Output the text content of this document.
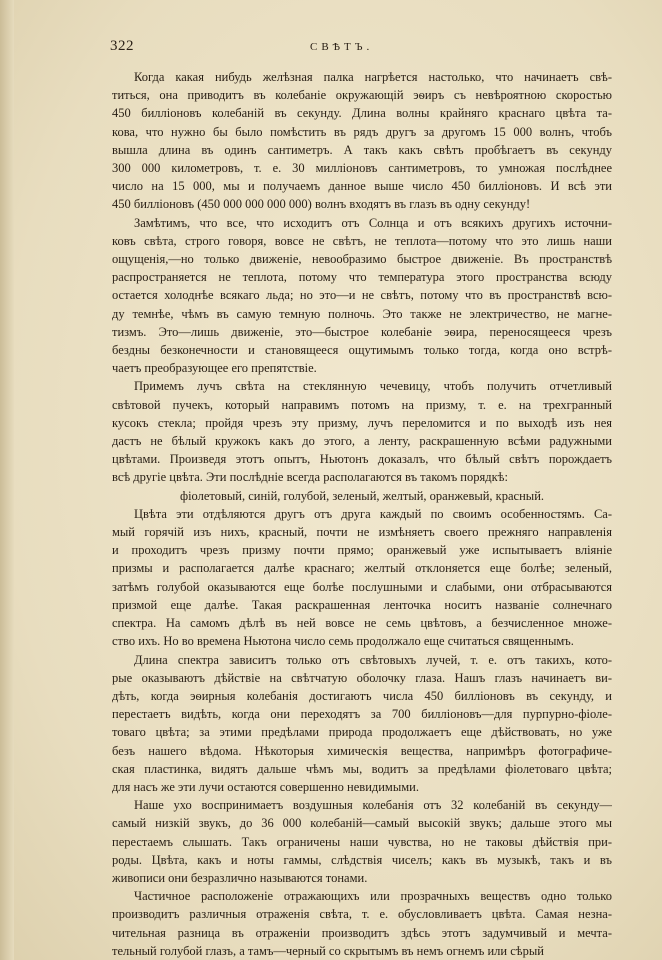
322	СВѢТЪ.
Когда какая нибудь желѣзная палка нагрѣется настолько, что начинаетъ свѣ-
титься, она приводитъ въ колебаніе окружающій эѳиръ съ невѣроятною скоростью
450 билліоновъ колебаній въ секунду. Длина волны крайняго краснаго цвѣта та-
кова, что нужно бы было помѣстить въ рядъ другъ за другомъ 15 000 волнъ, чтобъ
вышла длина въ одинъ сантиметръ. А такъ какъ свѣтъ пробѣгаетъ въ секунду
300 000 километровъ, т. е. 30 милліоновъ сантиметровъ, то умножая послѣднее
число на 15 000, мы и получаемъ данное выше число 450 билліоновъ. И всѣ эти
450 билліоновъ (450 000 000 000 000) волнъ входятъ въ глазъ въ одну секунду!
Замѣтимъ, что все, что исходитъ отъ Солнца и отъ всякихъ другихъ источни-
ковъ свѣта, строго говоря, вовсе не свѣтъ, не теплота—потому что это лишь наши
ощущенія,—но только движеніе, невообразимо быстрое движеніе. Въ пространствѣ
распространяется не теплота, потому что температура этого пространства всюду
остается холоднѣе всякаго льда; но это—и не свѣтъ, потому что въ пространствѣ всю-
ду темнѣе, чѣмъ въ самую темную полночь. Это также не электричество, не магне-
тизмъ. Это—лишь движеніе, это—быстрое колебаніе эѳира, переносящееся чрезъ
бездны безконечности и становящееся ощутимымъ только тогда, когда оно встрѣ-
чаетъ преобразующее его препятствіе.
Примемъ лучъ свѣта на стеклянную чечевицу, чтобъ получить отчетливый
свѣтовой пучекъ, который направимъ потомъ на призму, т. е. на трехгранный
кусокъ стекла; пройдя чрезъ эту призму, лучъ переломится и по выходѣ изъ нея
дастъ не бѣлый кружокъ какъ до этого, а ленту, раскрашенную всѣми радужными
цвѣтами. Произведя этотъ опытъ, Ньютонъ доказалъ, что бѣлый свѣтъ порождаетъ
всѣ другіе цвѣта. Эти послѣдніе всегда располагаются въ такомъ порядкѣ:
фіолетовый, синій, голубой, зеленый, желтый, оранжевый, красный.
Цвѣта эти отдѣляются другъ отъ друга каждый по своимъ особенностямъ. Са-
мый горячій изъ нихъ, красный, почти не измѣняетъ своего прежняго направленія
и проходитъ чрезъ призму почти прямо; оранжевый уже испытываетъ вліяніе
призмы и располагается далѣе краснаго; желтый отклоняется еще болѣе; зеленый,
затѣмъ голубой оказываются еще болѣе послушными и слабыми, они отбрасываются
призмой еще далѣе. Такая раскрашенная ленточка носитъ названіе солнечнаго
спектра. На самомъ дѣлѣ въ ней вовсе не семь цвѣтовъ, а безчисленное множе-
ство ихъ. Но во времена Ньютона число семь продолжало еще считаться священнымъ.
Длина спектра зависитъ только отъ свѣтовыхъ лучей, т. е. отъ такихъ, кото-
рые оказываютъ дѣйствіе на свѣтчатую оболочку глаза. Нашъ глазъ начинаетъ ви-
дѣть, когда эѳирныя колебанія достигаютъ числа 450 билліоновъ въ секунду, и
перестаетъ видѣть, когда они переходятъ за 700 билліоновъ—для пурпурно-фіоле-
товаго цвѣта; за этими предѣлами природа продолжаетъ еще дѣйствовать, но уже
безъ нашего вѣдома. Нѣкоторыя химическія вещества, напримѣръ фотографиче-
ская пластинка, видятъ дальше чѣмъ мы, водитъ за предѣлами фіолетоваго цвѣта;
для насъ же эти лучи остаются совершенно невидимыми.
Наше ухо воспринимаетъ воздушныя колебанія отъ 32 колебаній въ секунду—
самый низкій звукъ, до 36 000 колебаній—самый высокій звукъ; дальше этого мы
перестаемъ слышать. Такъ ограничены наши чувства, но не таковы дѣйствія при-
роды. Цвѣта, какъ и ноты гаммы, слѣдствія чиселъ; какъ въ музыкѣ, такъ и въ
живописи они безразлично называются тонами.
Частичное расположеніе отражающихъ или прозрачныхъ веществъ одно только
производитъ различныя отраженія свѣта, т. е. обусловливаетъ цвѣта. Самая незна-
чительная разница въ отраженіи производитъ здѣсь этотъ задумчивый и мечта-
тельный голубой глазъ, а тамъ—черный со скрытымъ въ немъ огнемъ или сѣрый
